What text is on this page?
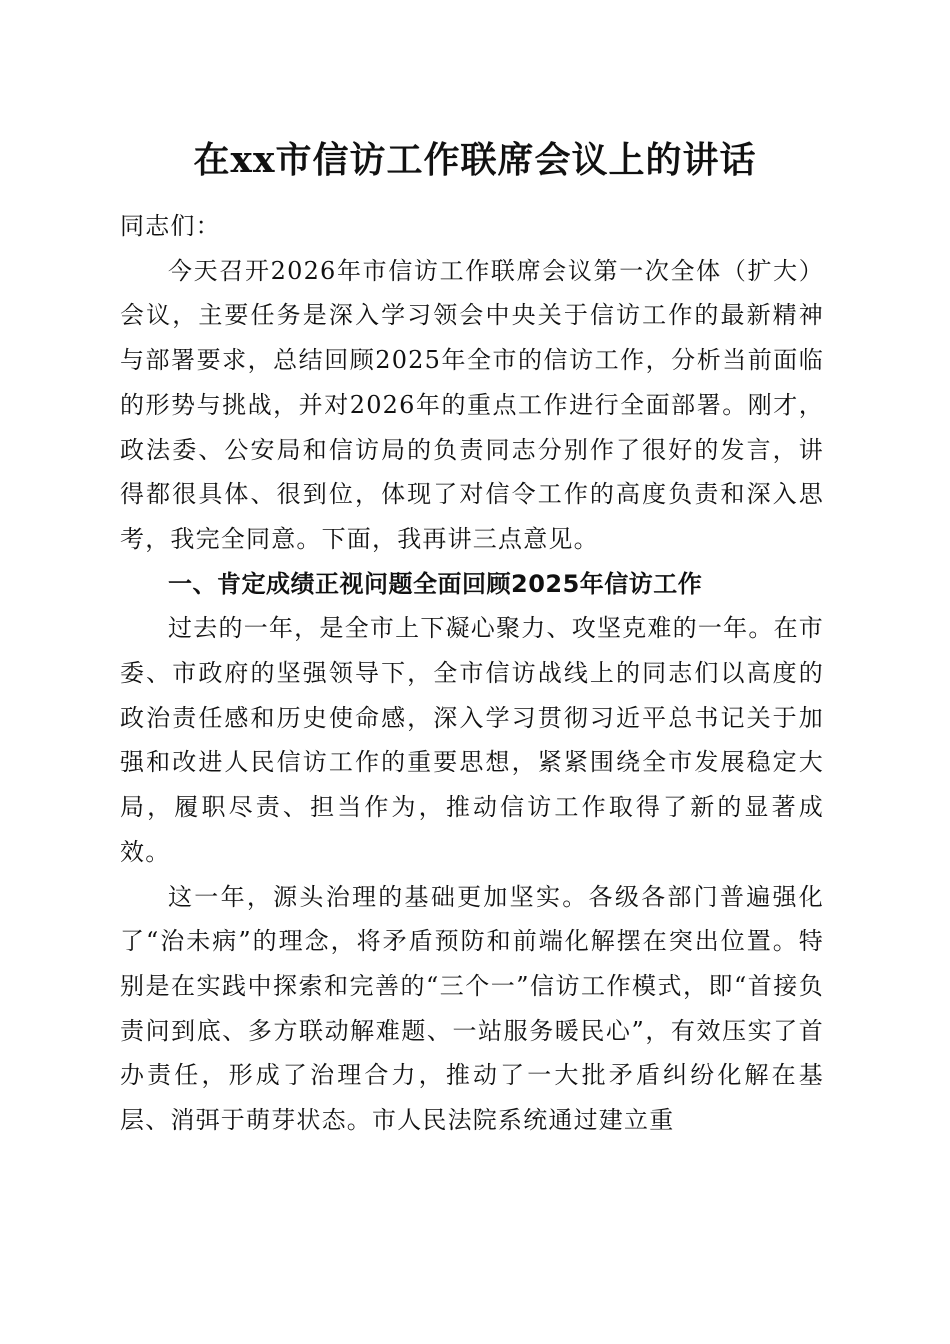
在xx市信访工作联席会议上的讲话

同志们：

今天召开2026年市信访工作联席会议第一次全体（扩大）会议，主要任务是深入学习领会中央关于信访工作的最新精神与部署要求，总结回顾2025年全市的信访工作，分析当前面临的形势与挑战，并对2026年的重点工作进行全面部署。刚才，政法委、公安局和信访局的负责同志分别作了很好的发言，讲得都很具体、很到位，体现了对信令工作的高度负责和深入思考，我完全同意。下面，我再讲三点意见。

一、肯定成绩正视问题全面回顾2025年信访工作

过去的一年，是全市上下凝心聚力、攻坚克难的一年。在市委、市政府的坚强领导下，全市信访战线上的同志们以高度的政治责任感和历史使命感，深入学习贯彻习近平总书记关于加强和改进人民信访工作的重要思想，紧紧围绕全市发展稳定大局，履职尽责、担当作为，推动信访工作取得了新的显著成效。

这一年，源头治理的基础更加坚实。各级各部门普遍强化了“治未病”的理念，将矛盾预防和前端化解摆在突出位置。特别是在实践中探索和完善的“三个一”信访工作模式，即“首接负责问到底、多方联动解难题、一站服务暖民心”，有效压实了首办责任，形成了治理合力，推动了一大批矛盾纠纷化解在基层、消弭于萌芽状态。市人民法院系统通过建立重
